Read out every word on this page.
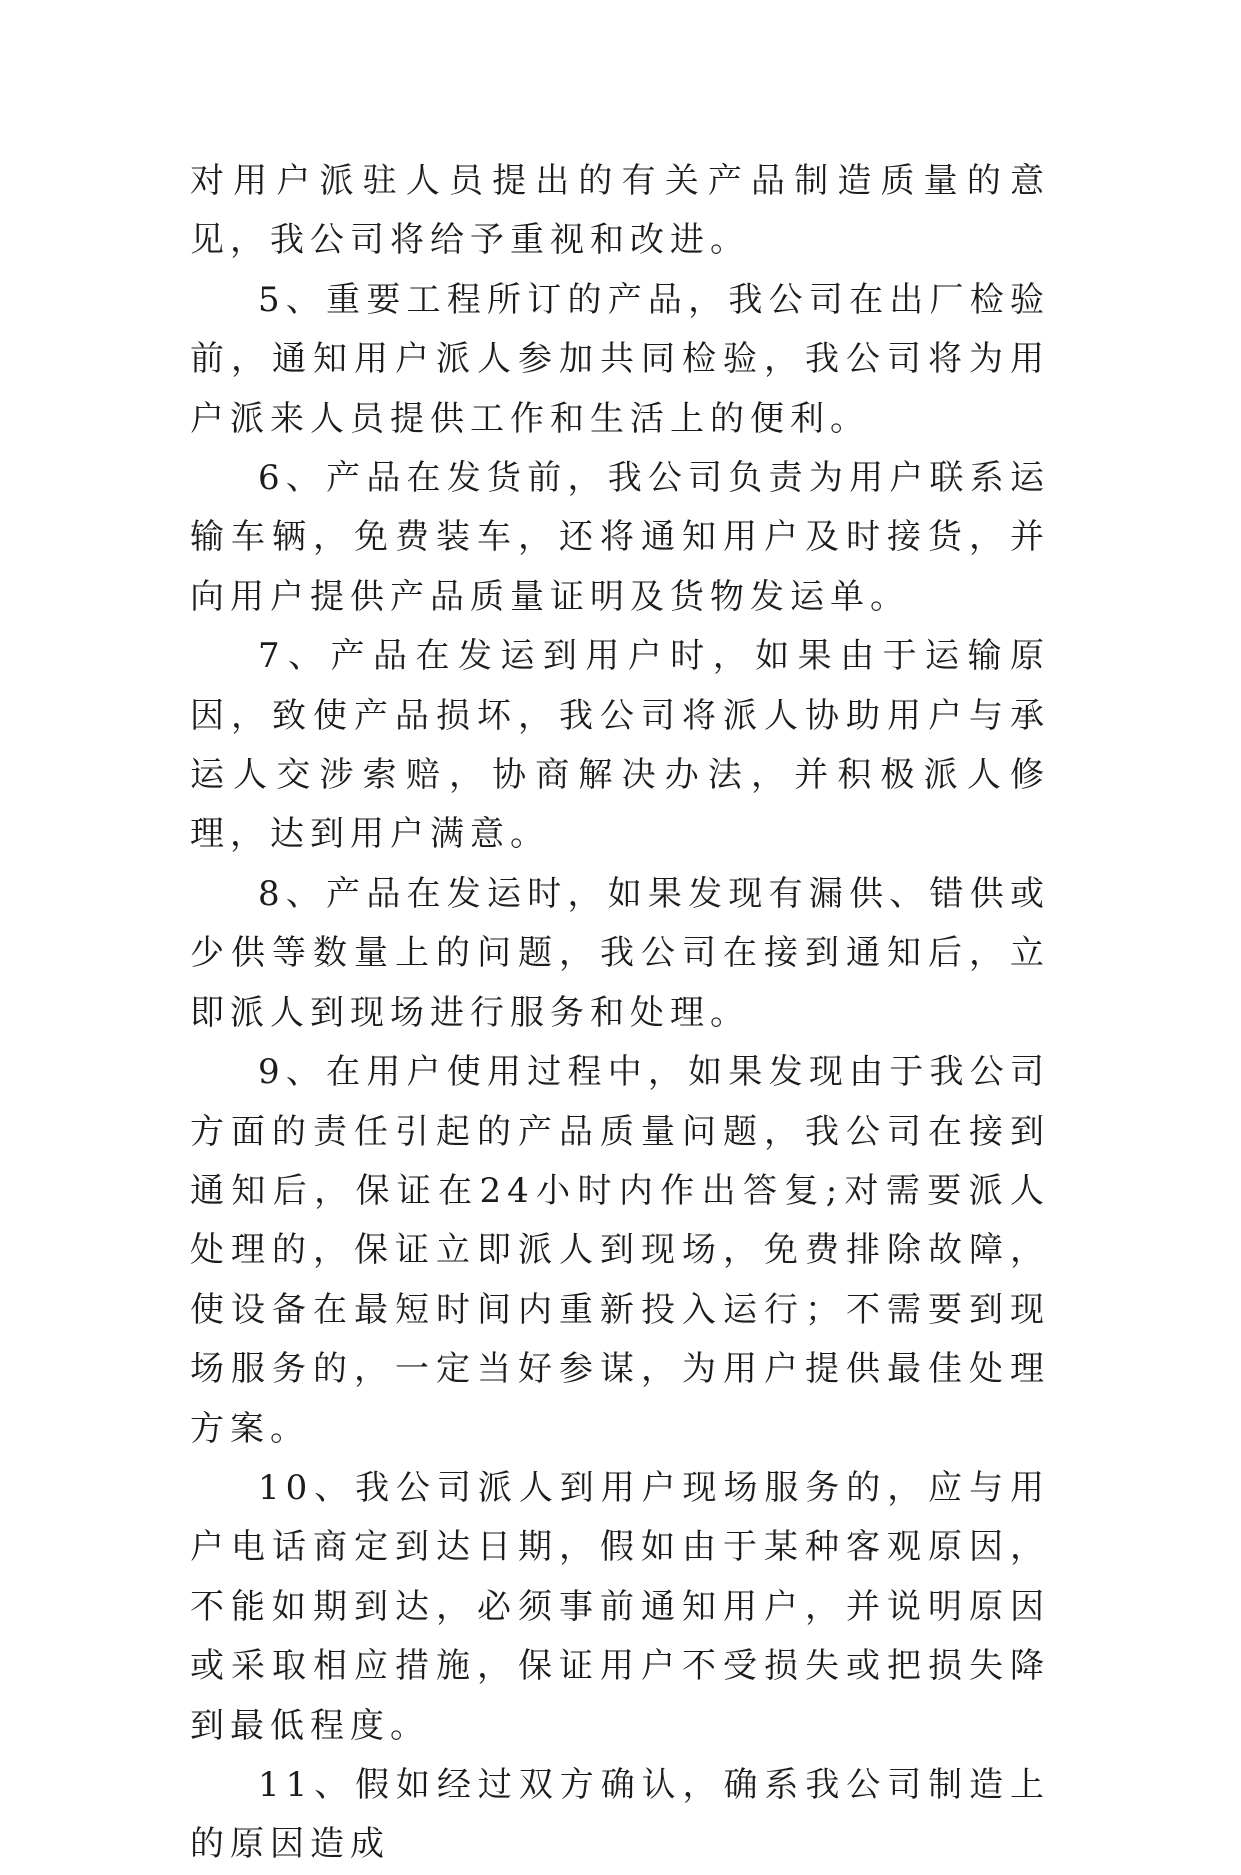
对用户派驻人员提出的有关产品制造质量的意见，我公司将给予重视和改进。

5、重要工程所订的产品，我公司在出厂检验前，通知用户派人参加共同检验，我公司将为用户派来人员提供工作和生活上的便利。

6、产品在发货前，我公司负责为用户联系运输车辆，免费装车，还将通知用户及时接货，并向用户提供产品质量证明及货物发运单。

7、产品在发运到用户时，如果由于运输原因，致使产品损坏，我公司将派人协助用户与承运人交涉索赔，协商解决办法，并积极派人修理，达到用户满意。

8、产品在发运时，如果发现有漏供、错供或少供等数量上的问题，我公司在接到通知后，立即派人到现场进行服务和处理。

9、在用户使用过程中，如果发现由于我公司方面的责任引起的产品质量问题，我公司在接到通知后，保证在24小时内作出答复;对需要派人处理的，保证立即派人到现场，免费排除故障，使设备在最短时间内重新投入运行；不需要到现场服务的，一定当好参谋，为用户提供最佳处理方案。

10、我公司派人到用户现场服务的，应与用户电话商定到达日期，假如由于某种客观原因，不能如期到达，必须事前通知用户，并说明原因或采取相应措施，保证用户不受损失或把损失降到最低程度。

11、假如经过双方确认，确系我公司制造上的原因造成
